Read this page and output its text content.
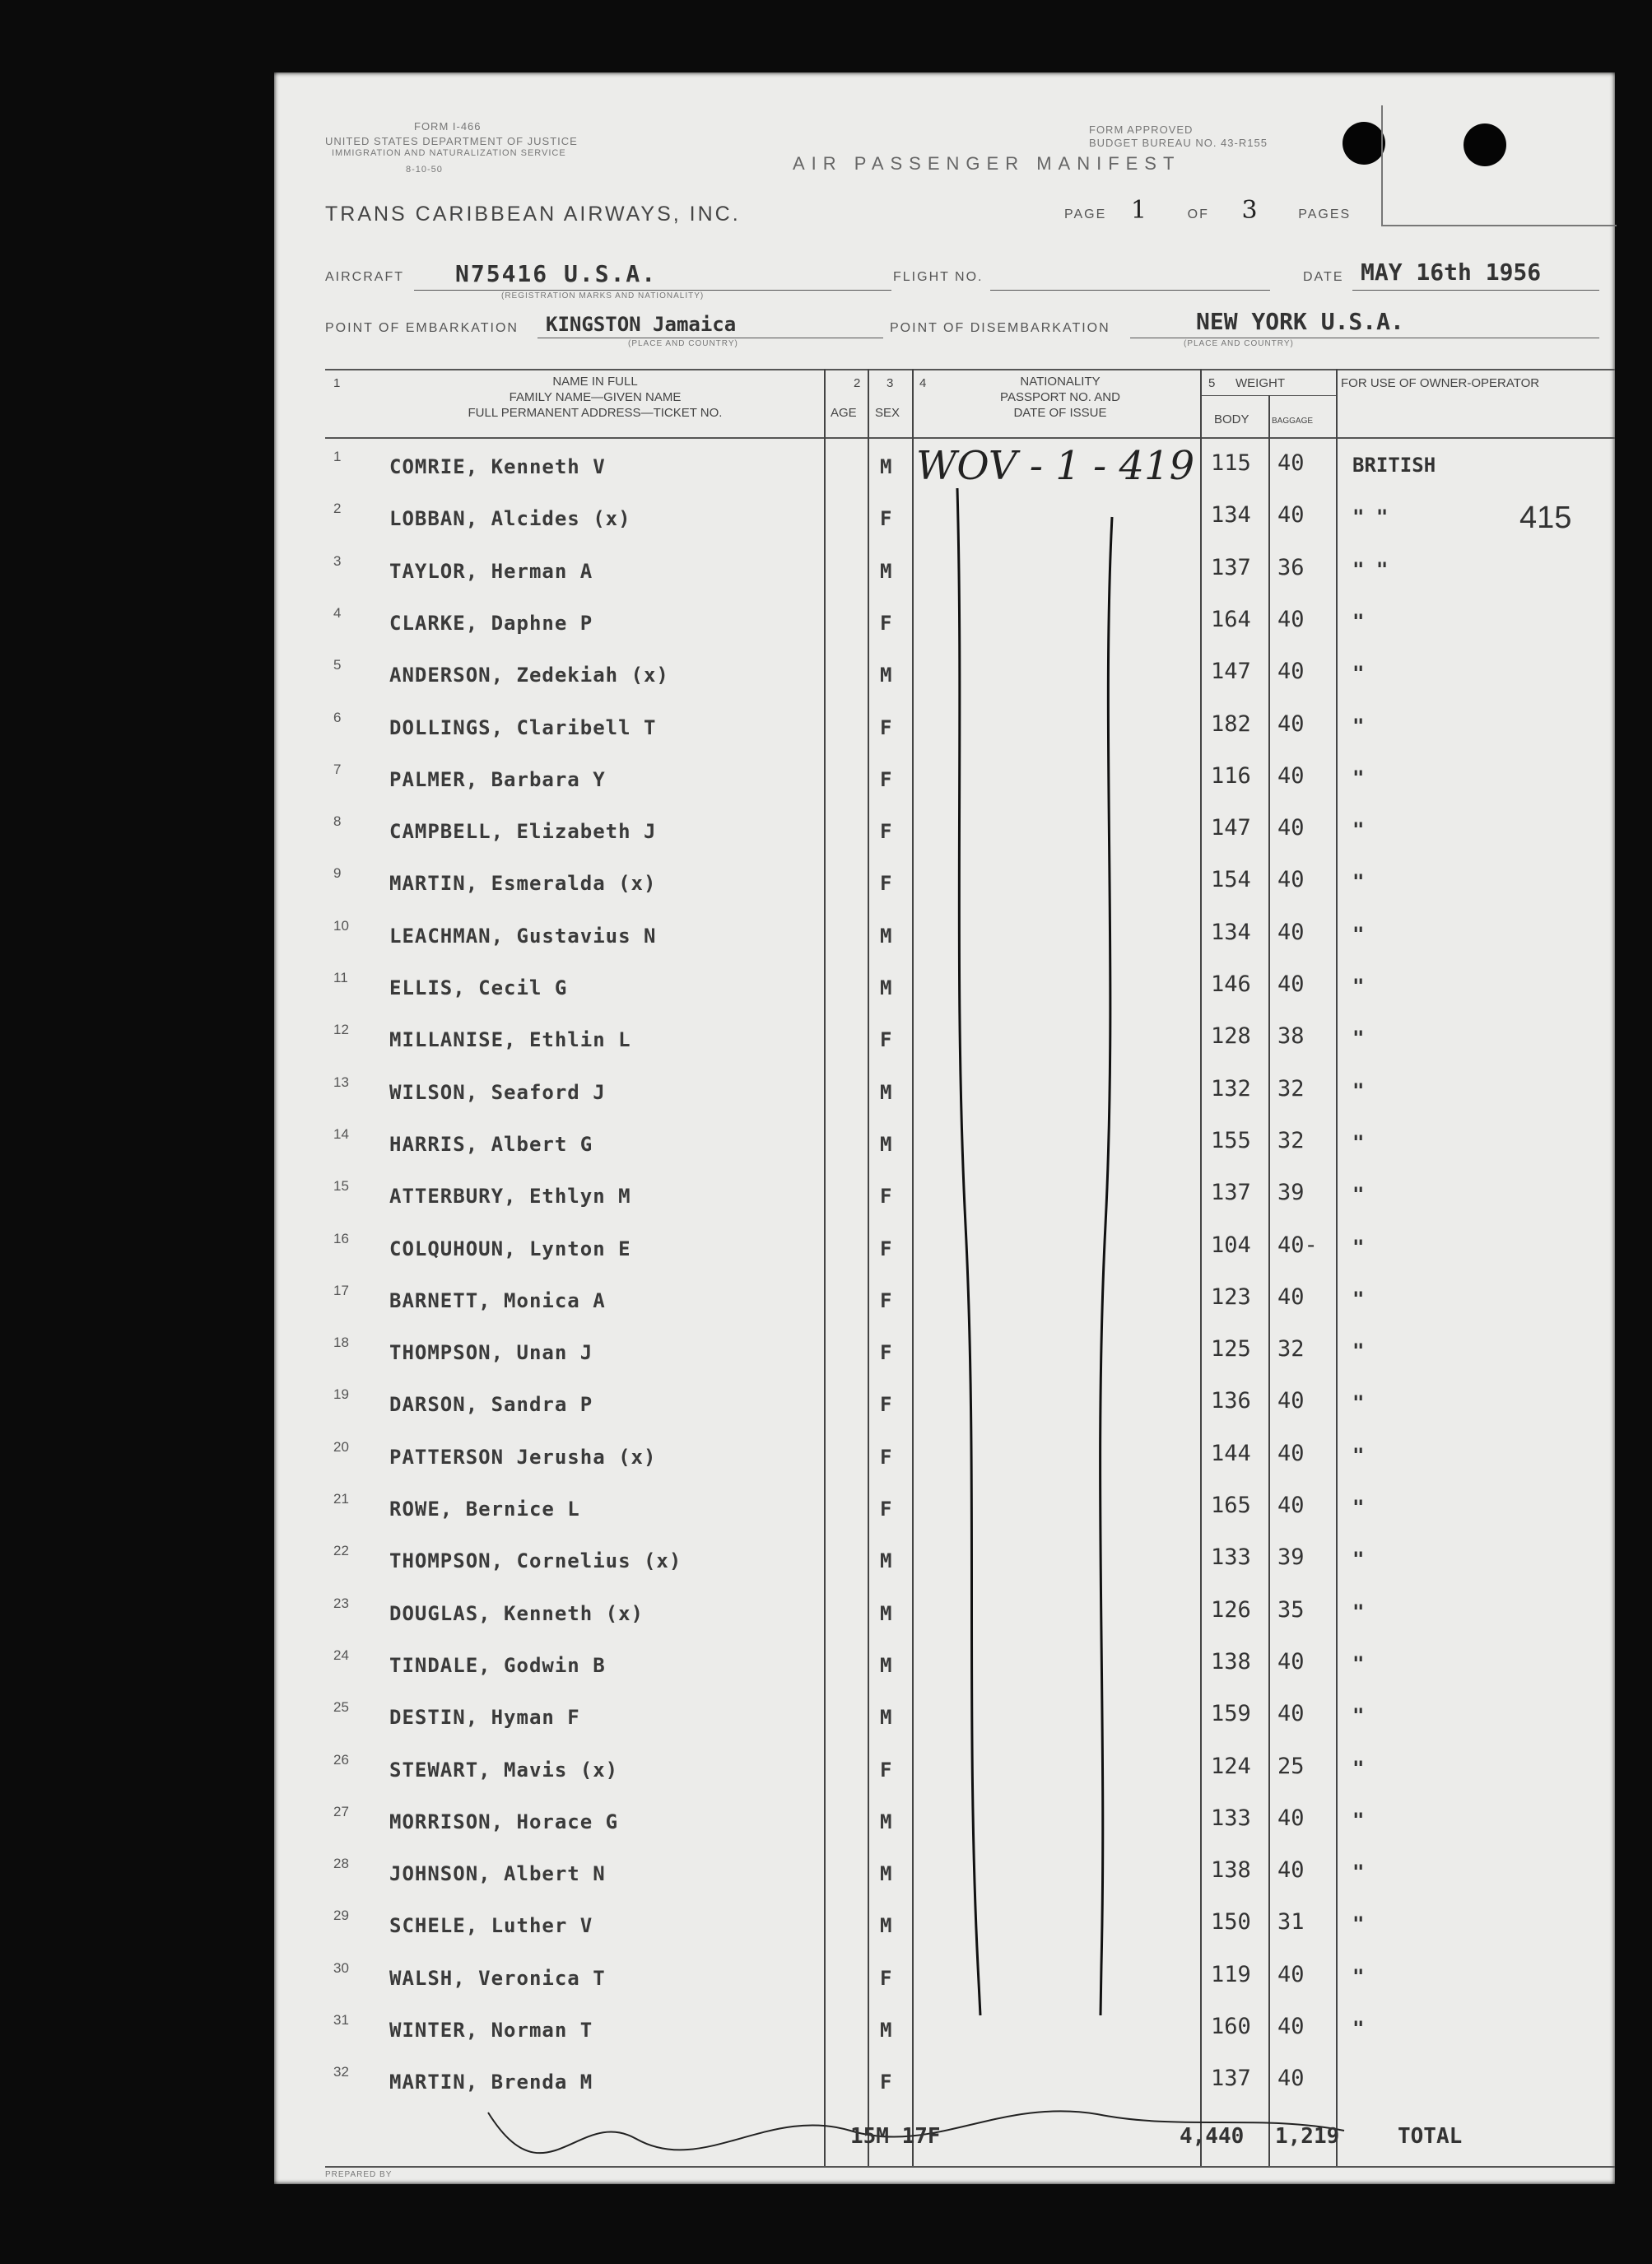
FORM I-466
UNITED STATES DEPARTMENT OF JUSTICE
IMMIGRATION AND NATURALIZATION SERVICE
8-10-50
FORM APPROVED
BUDGET BUREAU NO. 43-R155
AIR PASSENGER MANIFEST
TRANS CARIBBEAN AIRWAYS, INC.	PAGE 1	OF 3	PAGES
AIRCRAFT N75416 U.S.A.
(REGISTRATION MARKS AND NATIONALITY)
FLIGHT NO.	DATE MAY 16th 1956
POINT OF EMBARKATION KINGSTON Jamaica
(PLACE AND COUNTRY)
POINT OF DISEMBARKATION	NEW YORK U.S.A.
(PLACE AND COUNTRY)
1	NAME IN FULL
FAMILY NAME—GIVEN NAME
FULL PERMANENT ADDRESS—TICKET NO.
2
AGE
3
SEX
4	NATIONALITY
PASSPORT NO. AND
DATE OF ISSUE
5 WEIGHT
BODY	BAGGAGE
FOR USE OF OWNER-OPERATOR
1 COMRIE, Kenneth V	M	115 40 BRITISH
2 LOBBAN, Alcides (x)	F	134 40 " "
3 TAYLOR, Herman A	M	137 36 " "
4 CLARKE, Daphne P	F	164 40 "
5 ANDERSON, Zedekiah (x)	M	147 40 "
6 DOLLINGS, Claribell T	F	182 40 "
7 PALMER, Barbara Y	F	116 40 "
8 CAMPBELL, Elizabeth J	F	147 40 "
9 MARTIN, Esmeralda (x)	F	154 40 "
10 LEACHMAN, Gustavius N	M	134 40 "
11 ELLIS, Cecil G	M	146 40 "
12 MILLANISE, Ethlin L	F	128 38 "
13 WILSON, Seaford J	M	132 32 "
14 HARRIS, Albert G	M	155 32 "
15 ATTERBURY, Ethlyn M	F	137 39 "
16 COLQUHOUN, Lynton E	F	104 40- "
17 BARNETT, Monica A	F	123 40 "
18 THOMPSON, Unan J	F	125 32 "
19 DARSON, Sandra P	F	136 40 "
20 PATTERSON Jerusha (x)	F	144 40 "
21 ROWE, Bernice L	F	165 40 "
22 THOMPSON, Cornelius (x)	M	133 39 "
23 DOUGLAS, Kenneth (x)	M	126 35 "
24 TINDALE, Godwin B	M	138 40 "
25 DESTIN, Hyman F	M	159 40 "
26 STEWART, Mavis (x)	F	124 25 "
27 MORRISON, Horace G	M	133 40 "
28 JOHNSON, Albert N	M	138 40 "
29 SCHELE, Luther V	M	150 31 "
30 WALSH, Veronica T	F	119 40 "
31 WINTER, Norman T	M	160 40 "
32 MARTIN, Brenda M	F	137 40
WOV - 1 - 419
415
PREPARED BY
15M 17F	4,440 1,219	TOTAL
